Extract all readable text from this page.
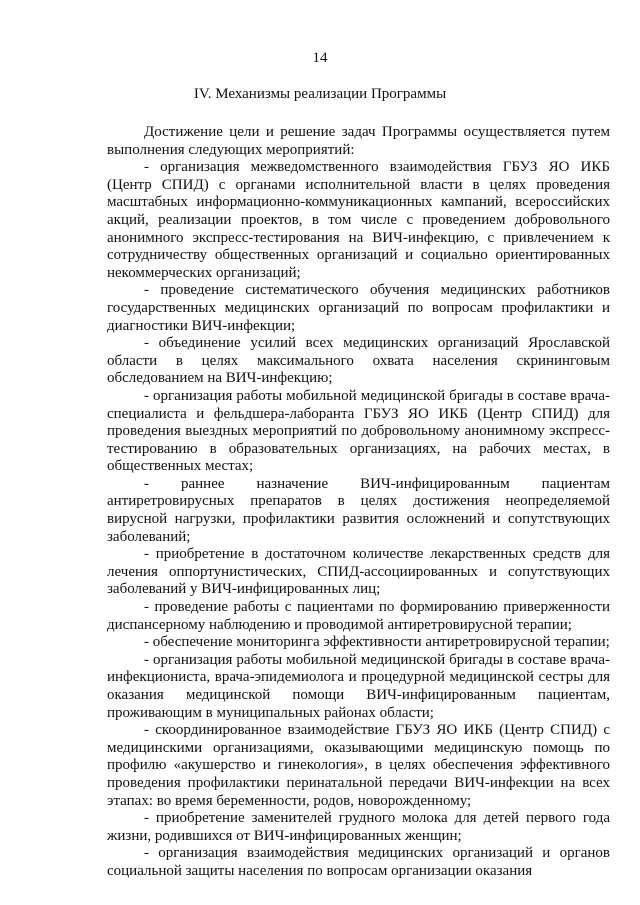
14
IV. Механизмы реализации Программы

Достижение цели и решение задач Программы осуществляется путем выполнения следующих мероприятий:

- организация межведомственного взаимодействия ГБУЗ ЯО ИКБ (Центр СПИД) с органами исполнительной власти в целях проведения масштабных информационно-коммуникационных кампаний, всероссийских акций, реализации проектов, в том числе с проведением добровольного анонимного экспресс-тестирования на ВИЧ-инфекцию, с привлечением к сотрудничеству общественных организаций и социально ориентированных некоммерческих организаций;

- проведение систематического обучения медицинских работников государственных медицинских организаций по вопросам профилактики и диагностики ВИЧ-инфекции;

- объединение усилий всех медицинских организаций Ярославской области в целях максимального охвата населения скрининговым обследованием на ВИЧ-инфекцию;

- организация работы мобильной медицинской бригады в составе врача-специалиста и фельдшера-лаборанта ГБУЗ ЯО ИКБ (Центр СПИД) для проведения выездных мероприятий по добровольному анонимному экспресс-тестированию в образовательных организациях, на рабочих местах, в общественных местах;

- раннее назначение ВИЧ-инфицированным пациентам антиретровирусных препаратов в целях достижения неопределяемой вирусной нагрузки, профилактики развития осложнений и сопутствующих заболеваний;

- приобретение в достаточном количестве лекарственных средств для лечения оппортунистических, СПИД-ассоциированных и сопутствующих заболеваний у ВИЧ-инфицированных лиц;

- проведение работы с пациентами по формированию приверженности диспансерному наблюдению и проводимой антиретровирусной терапии;

- обеспечение мониторинга эффективности антиретровирусной терапии;

- организация работы мобильной медицинской бригады в составе врача-инфекциониста, врача-эпидемиолога и процедурной медицинской сестры для оказания медицинской помощи ВИЧ-инфицированным пациентам, проживающим в муниципальных районах области;

- скоординированное взаимодействие ГБУЗ ЯО ИКБ (Центр СПИД) с медицинскими организациями, оказывающими медицинскую помощь по профилю «акушерство и гинекология», в целях обеспечения эффективного проведения профилактики перинатальной передачи ВИЧ-инфекции на всех этапах: во время беременности, родов, новорожденному;

- приобретение заменителей грудного молока для детей первого года жизни, родившихся от ВИЧ-инфицированных женщин;

- организация взаимодействия медицинских организаций и органов социальной защиты населения по вопросам организации оказания
